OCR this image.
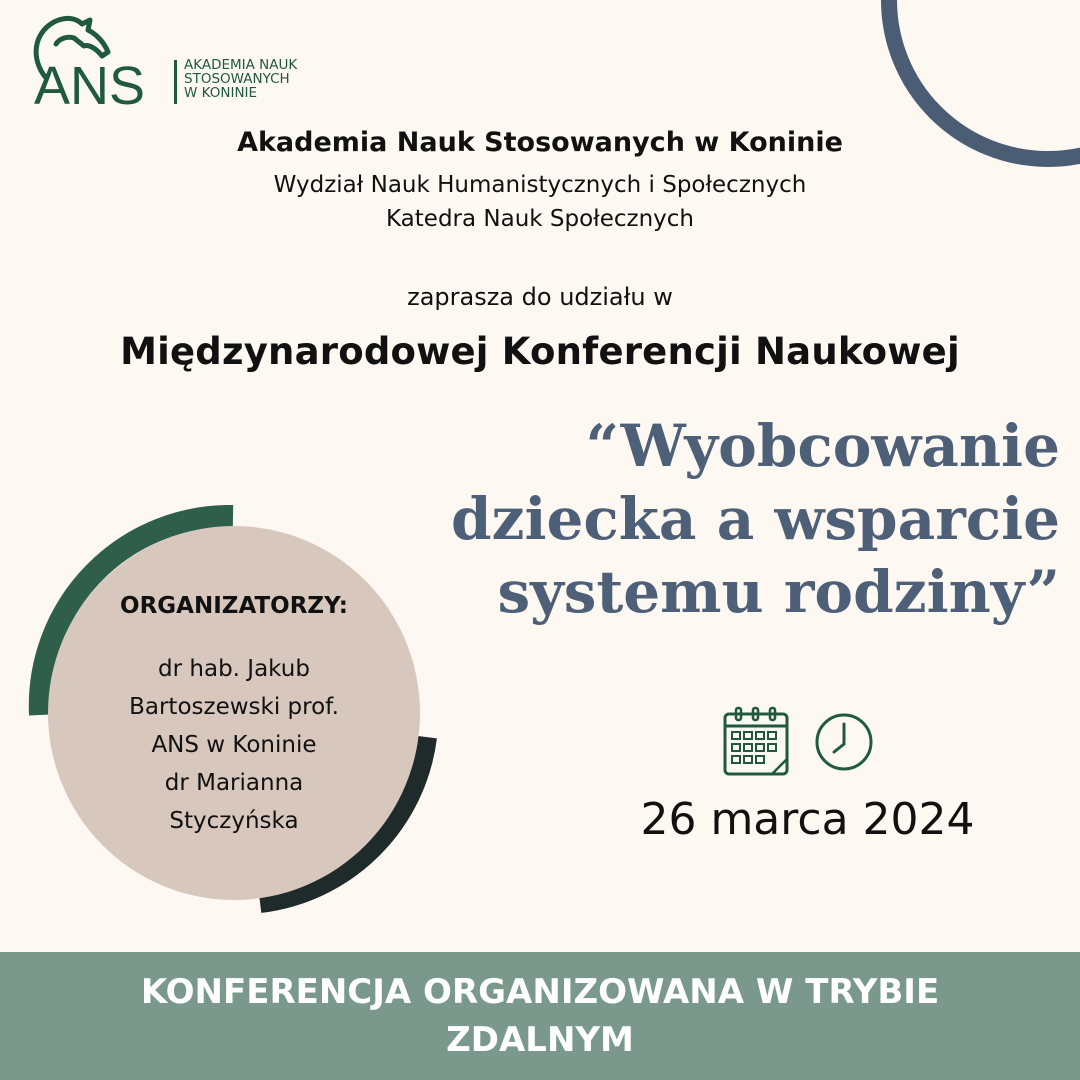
ANS	AKADEMIA NAUK
STOSOWANYCH
W KONINIE
Akademia Nauk Stosowanych w Koninie
Wydział Nauk Humanistycznych i Społecznych
Katedra Nauk Społecznych
zaprasza do udziału w
Międzynarodowej Konferencji Naukowej
“Wyobcowanie
dziecka a wsparcie
systemu rodziny”
ORGANIZATORZY:
dr hab. Jakub
Bartoszewski prof.
ANS w Koninie
dr Marianna
Styczyńska	26 marca 2024
KONFERENCJA ORGANIZOWANA W TRYBIE
ZDALNYM
